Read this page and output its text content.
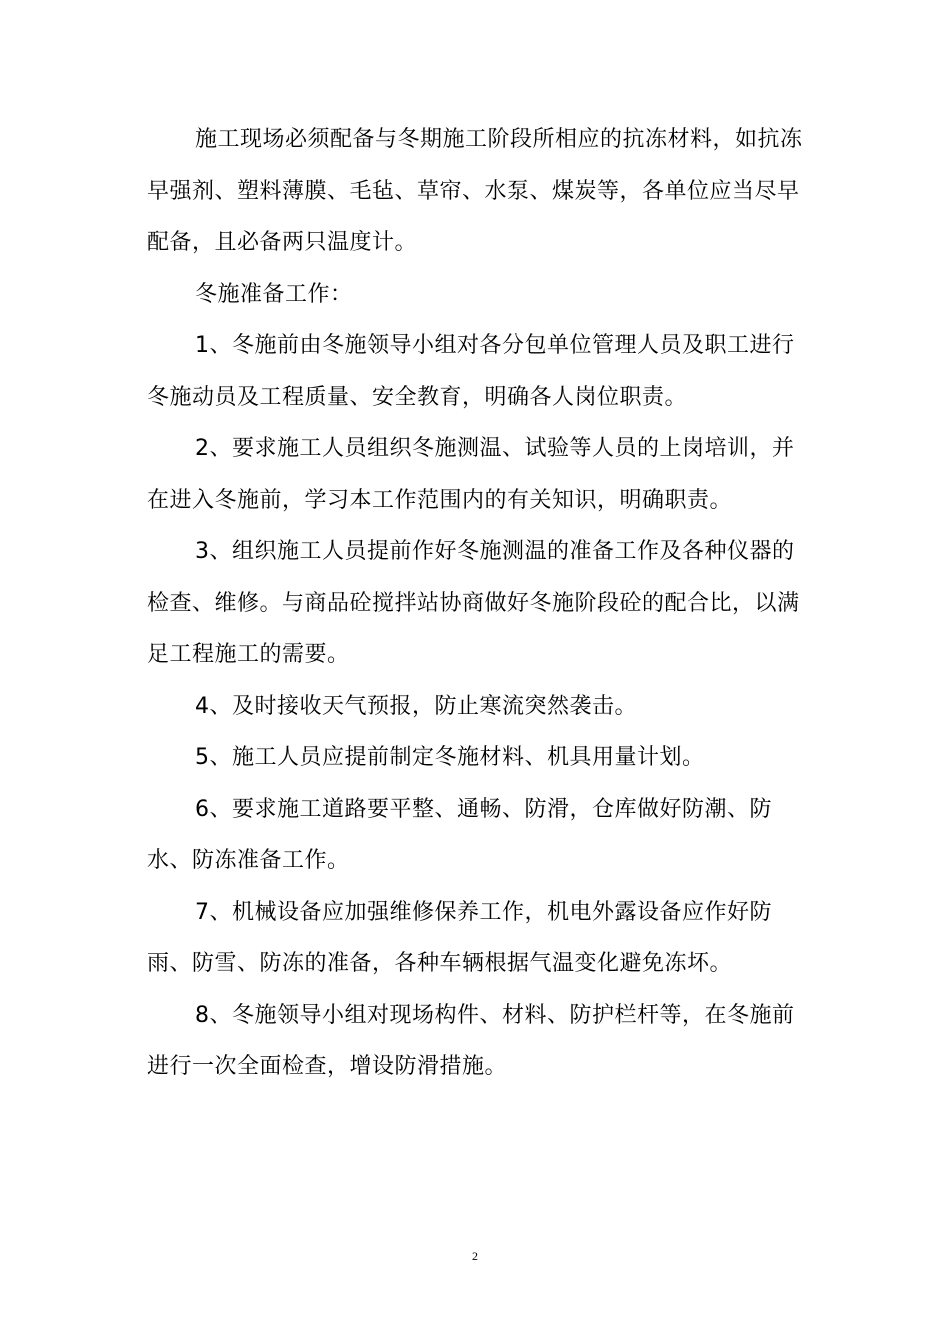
施工现场必须配备与冬期施工阶段所相应的抗冻材料，如抗冻早强剂、塑料薄膜、毛毡、草帘、水泵、煤炭等，各单位应当尽早配备，且必备两只温度计。

冬施准备工作：

1、冬施前由冬施领导小组对各分包单位管理人员及职工进行冬施动员及工程质量、安全教育，明确各人岗位职责。

2、要求施工人员组织冬施测温、试验等人员的上岗培训，并在进入冬施前，学习本工作范围内的有关知识，明确职责。

3、组织施工人员提前作好冬施测温的准备工作及各种仪器的检查、维修。与商品砼搅拌站协商做好冬施阶段砼的配合比，以满足工程施工的需要。

4、及时接收天气预报，防止寒流突然袭击。

5、施工人员应提前制定冬施材料、机具用量计划。

6、要求施工道路要平整、通畅、防滑，仓库做好防潮、防水、防冻准备工作。

7、机械设备应加强维修保养工作，机电外露设备应作好防雨、防雪、防冻的准备，各种车辆根据气温变化避免冻坏。

8、冬施领导小组对现场构件、材料、防护栏杆等，在冬施前进行一次全面检查，增设防滑措施。

2
